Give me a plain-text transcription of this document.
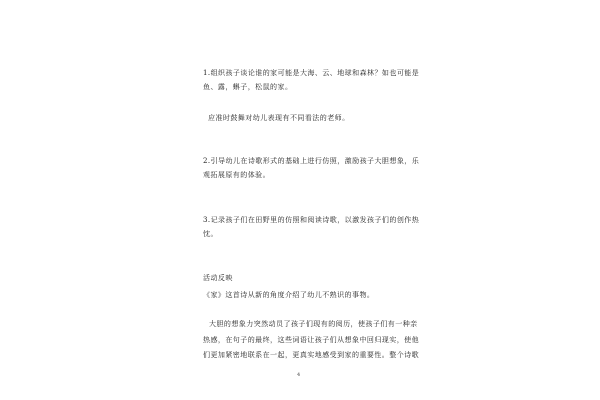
1.组织孩子谈论谁的家可能是大海、云、地球和森林？如也可能是
鱼、露，蝌子，松鼠的家。
应准时鼓舞对幼儿表现有不同看法的老师。
2.引导幼儿在诗歌形式的基础上进行仿照，激励孩子大胆想象，乐
观拓展原有的体验。
3.记录孩子们在田野里的仿照和阅读诗歌，以激发孩子们的创作热
忱。
活动反映
《家》这首诗从新的角度介绍了幼儿不熟识的事物。
大胆的想象力突然动员了孩子们现有的阅历，使孩子们有一种亲
热感，在句子的最终，这些词语让孩子们从想象中回归现实，使他
们更加紧密地联系在一起，更真实地感受到家的重要性。整个诗歌
4
